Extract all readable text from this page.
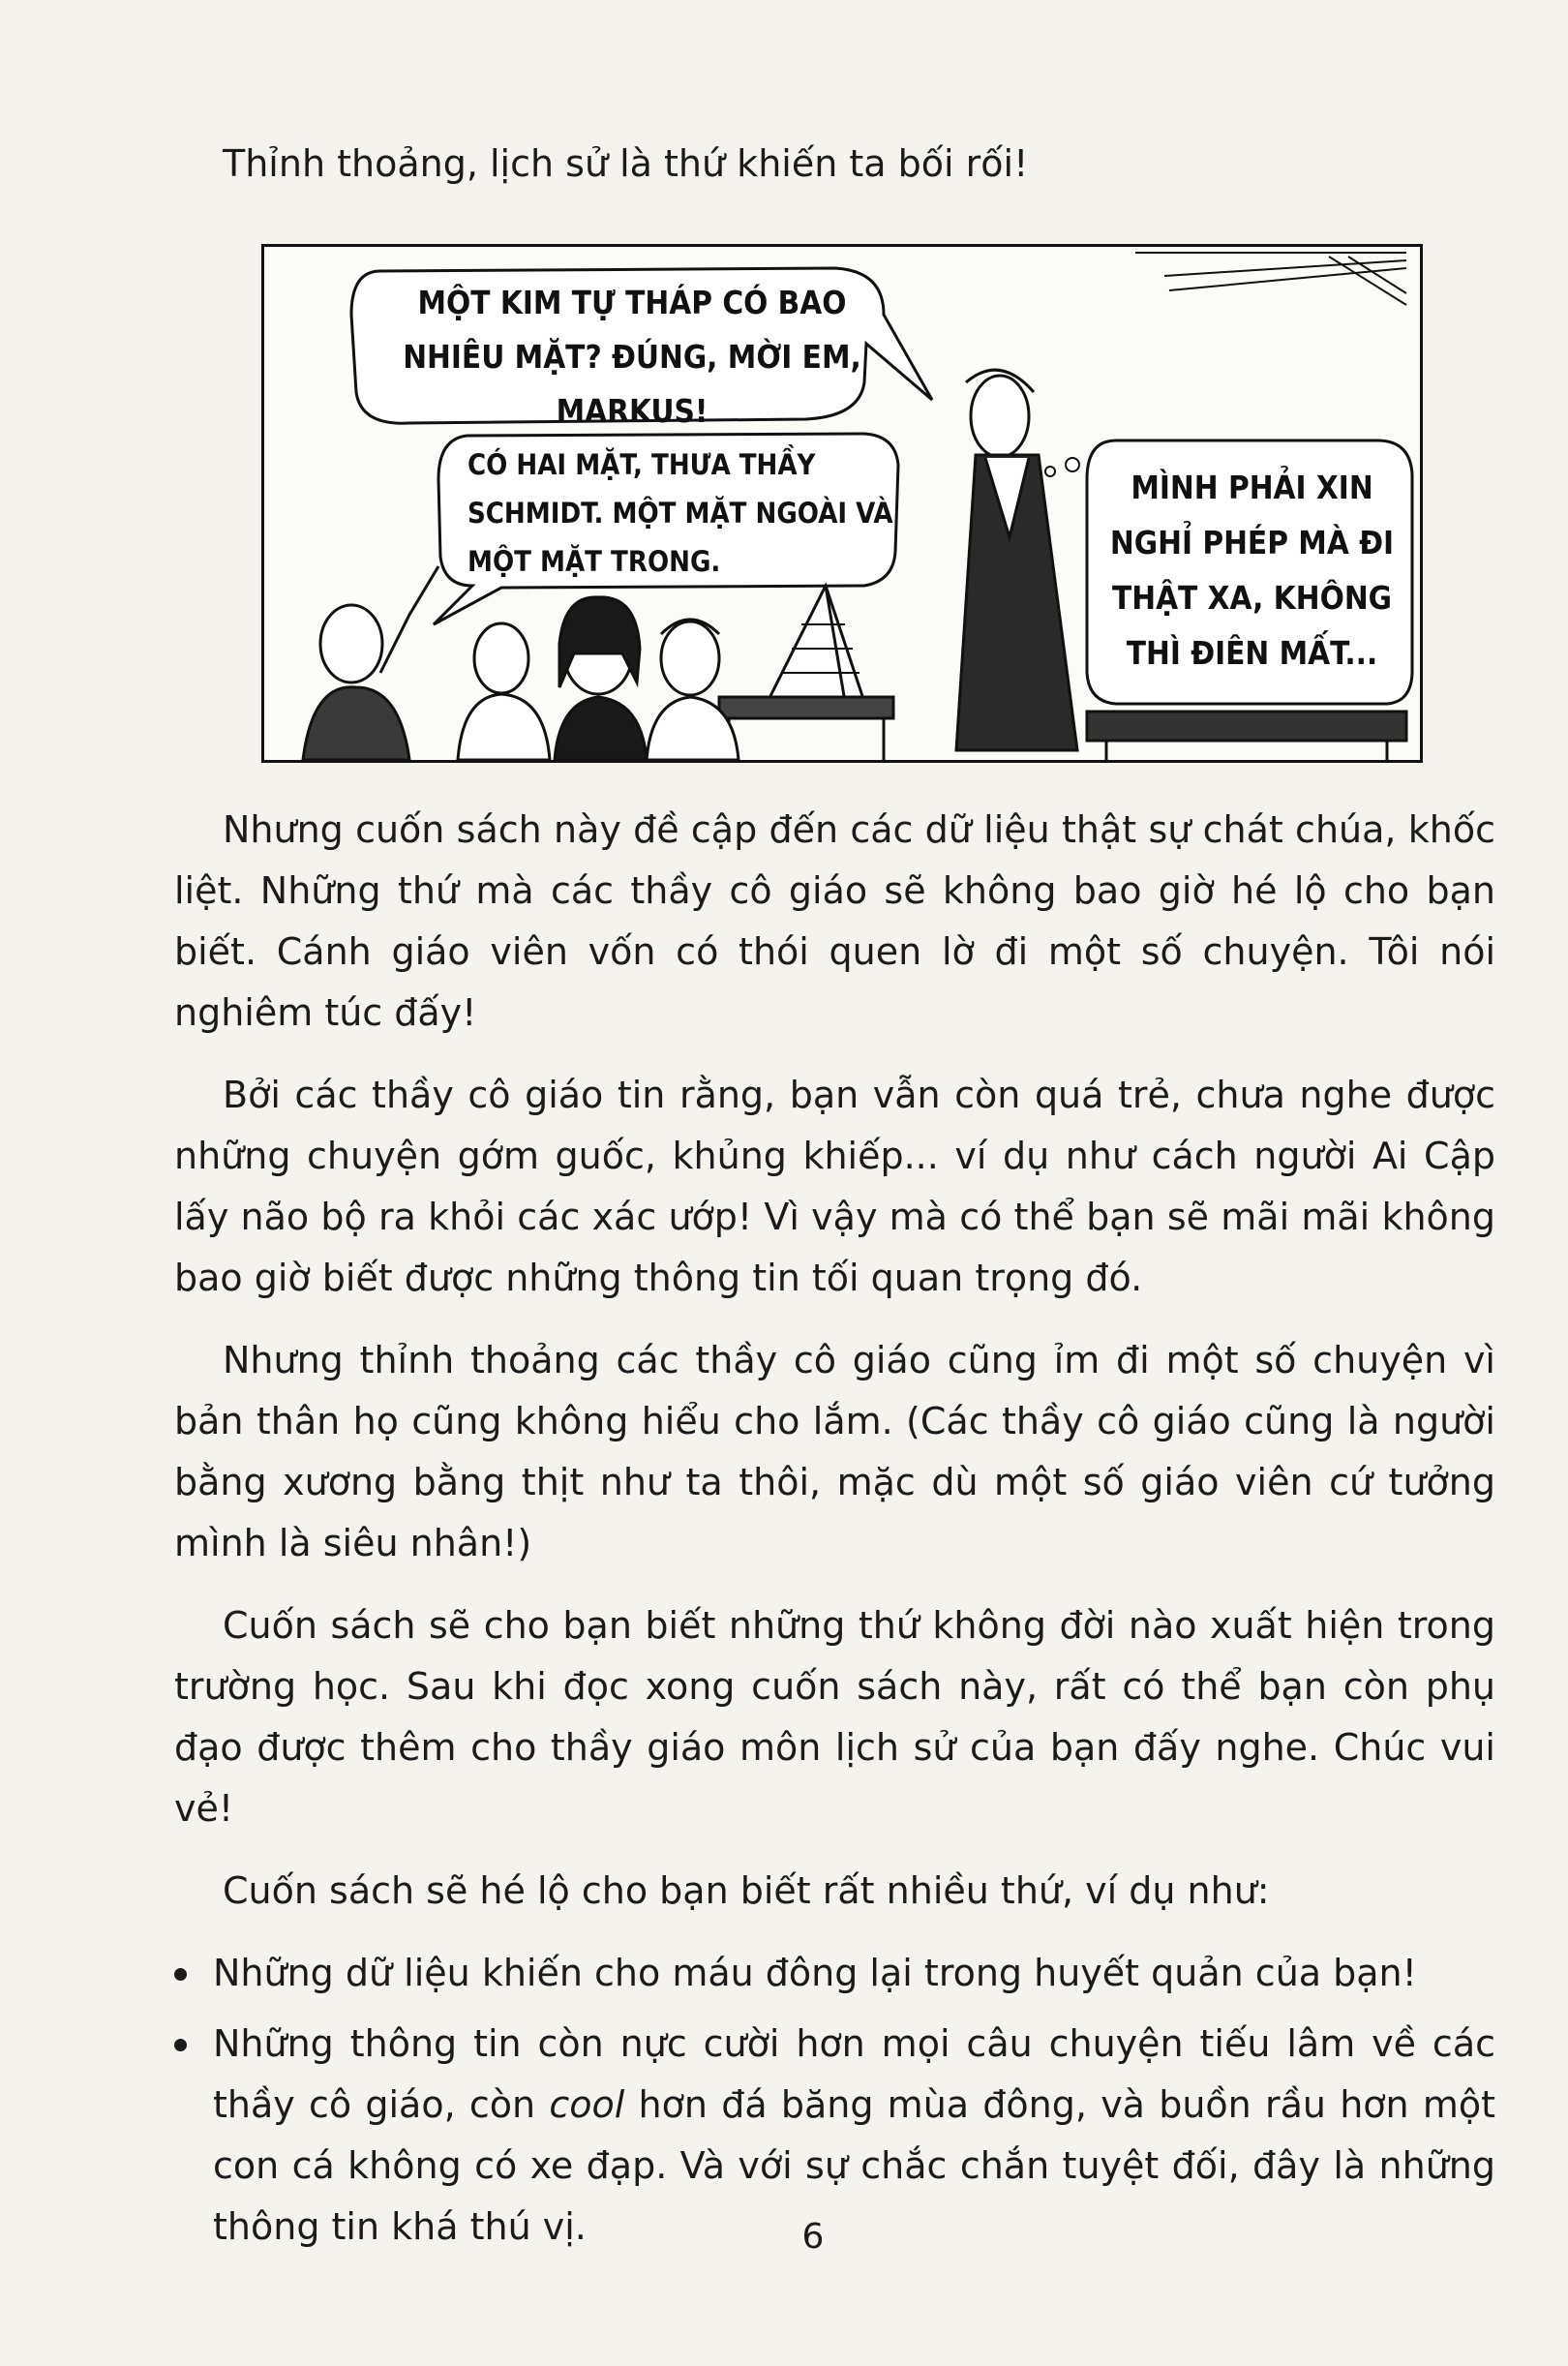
Thỉnh thoảng, lịch sử là thứ khiến ta bối rối!

MỘT KIM TỰ THÁP CÓ BAO NHIÊU MẶT? ĐÚNG, MỜI EM, MARKUS!

CÓ HAI MẶT, THƯA THẦY SCHMIDT. MỘT MẶT NGOÀI VÀ MỘT MẶT TRONG.

MÌNH PHẢI XIN NGHỈ PHÉP MÀ ĐI THẬT XA, KHÔNG THÌ ĐIÊN MẤT...

Nhưng cuốn sách này đề cập đến các dữ liệu thật sự chát chúa, khốc liệt. Những thứ mà các thầy cô giáo sẽ không bao giờ hé lộ cho bạn biết. Cánh giáo viên vốn có thói quen lờ đi một số chuyện. Tôi nói nghiêm túc đấy!

Bởi các thầy cô giáo tin rằng, bạn vẫn còn quá trẻ, chưa nghe được những chuyện gớm guốc, khủng khiếp... ví dụ như cách người Ai Cập lấy não bộ ra khỏi các xác ướp! Vì vậy mà có thể bạn sẽ mãi mãi không bao giờ biết được những thông tin tối quan trọng đó.

Nhưng thỉnh thoảng các thầy cô giáo cũng ỉm đi một số chuyện vì bản thân họ cũng không hiểu cho lắm. (Các thầy cô giáo cũng là người bằng xương bằng thịt như ta thôi, mặc dù một số giáo viên cứ tưởng mình là siêu nhân!)

Cuốn sách sẽ cho bạn biết những thứ không đời nào xuất hiện trong trường học. Sau khi đọc xong cuốn sách này, rất có thể bạn còn phụ đạo được thêm cho thầy giáo môn lịch sử của bạn đấy nghe. Chúc vui vẻ!

Cuốn sách sẽ hé lộ cho bạn biết rất nhiều thứ, ví dụ như:

Những dữ liệu khiến cho máu đông lại trong huyết quản của bạn!
Những thông tin còn nực cười hơn mọi câu chuyện tiếu lâm về các thầy cô giáo, còn cool hơn đá băng mùa đông, và buồn rầu hơn một con cá không có xe đạp. Và với sự chắc chắn tuyệt đối, đây là những thông tin khá thú vị.	6
